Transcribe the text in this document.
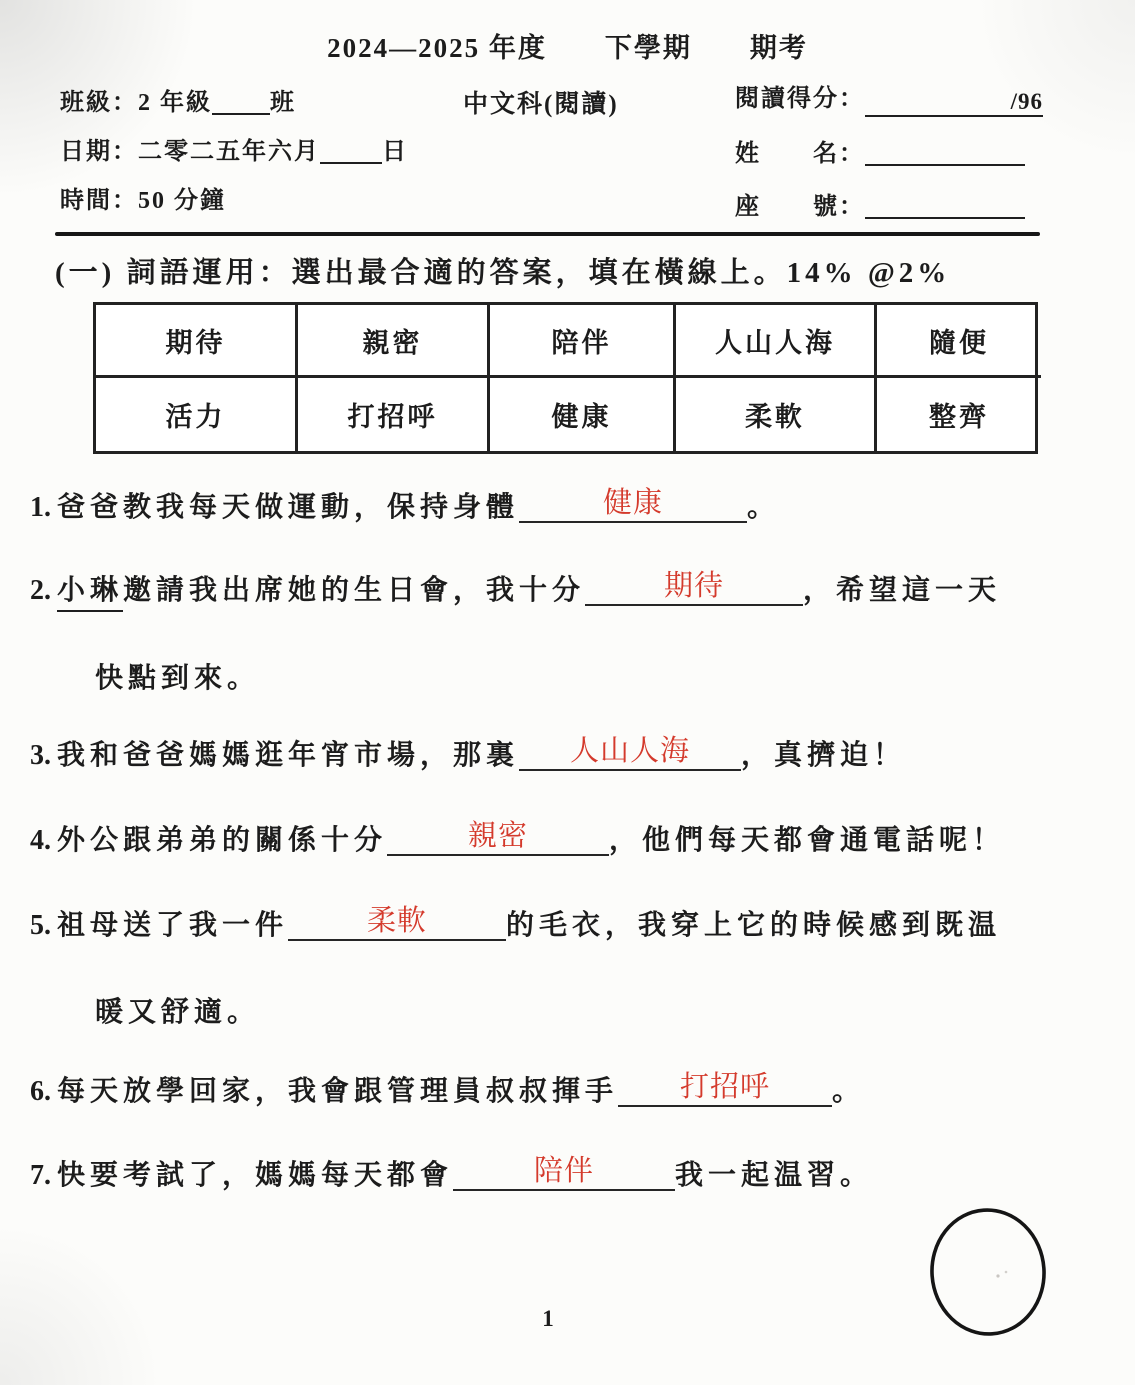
2024—2025 年度 下學期 期考
班級：2 年級 班	中文科(閱讀)	閱讀得分：	/96
日期：二零二五年六月	日	姓　　名：
時間：50 分鐘	座　　號：
(一) 詞語運用：選出最合適的答案，填在橫線上。14% @2%
期待	親密	陪伴	人山人海	隨便
活力	打招呼	健康	柔軟	整齊
1. 爸爸教我每天做運動，保持身體	健康	。
2. 小琳 邀請我出席她的生日會，我十分	期待	，希望這一天
快點到來。
3. 我和爸爸媽媽逛年宵市場，那裏 人山人海 ，真擠迫！
4. 外公跟弟弟的關係十分	親密	，他們每天都會通電話呢！
5. 祖母送了我一件	柔軟	的毛衣，我穿上它的時候感到既温
暖又舒適。
6. 每天放學回家，我會跟管理員叔叔揮手 打招呼 。
7. 快要考試了，媽媽每天都會	陪伴	我一起温習。
1
